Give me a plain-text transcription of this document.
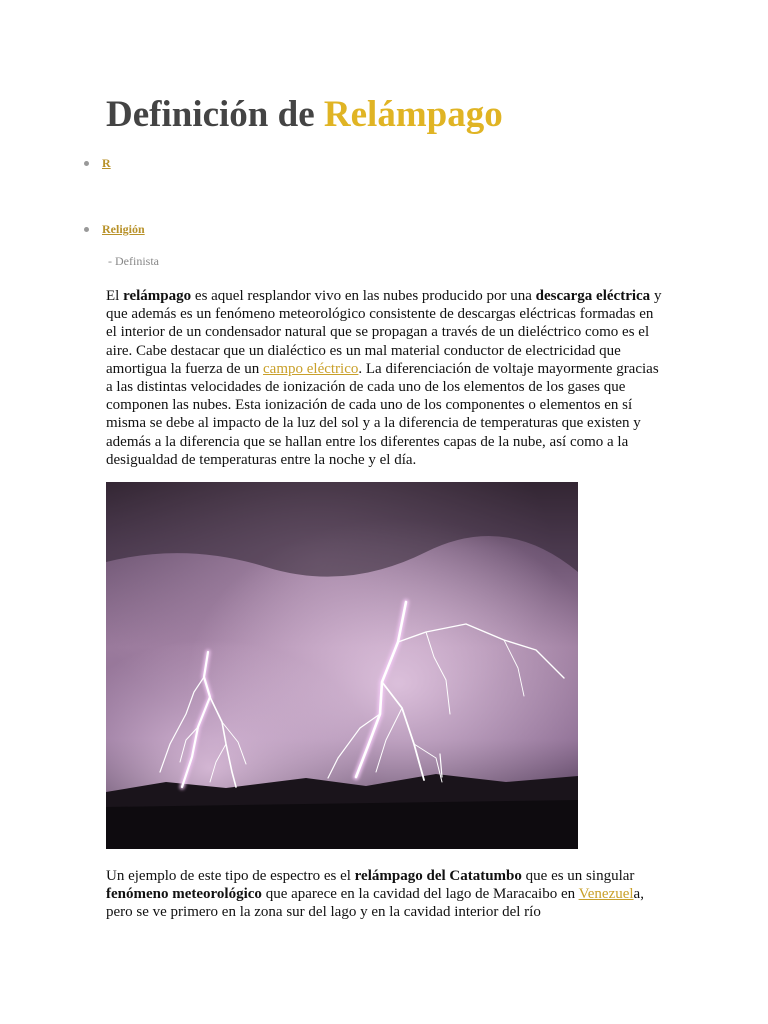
Definición de Relámpago
R
Religión
- Definista

El relámpago es aquel resplandor vivo en las nubes producido por una descarga eléctrica y que además es un fenómeno meteorológico consistente de descargas eléctricas formadas en el interior de un condensador natural que se propagan a través de un dieléctrico como es el aire. Cabe destacar que un dialéctico es un mal material conductor de electricidad que amortigua la fuerza de un campo eléctrico. La diferenciación de voltaje mayormente gracias a las distintas velocidades de ionización de cada uno de los elementos de los gases que componen las nubes. Esta ionización de cada uno de los componentes o elementos en sí misma se debe al impacto de la luz del sol y a la diferencia de temperaturas que existen y además a la diferencia que se hallan entre los diferentes capas de la nube, así como a la desigualdad de temperaturas entre la noche y el día.

Un ejemplo de este tipo de espectro es el relámpago del Catatumbo que es un singular fenómeno meteorológico que aparece en la cavidad del lago de Maracaibo en Venezuela, pero se ve primero en la zona sur del lago y en la cavidad interior del río
